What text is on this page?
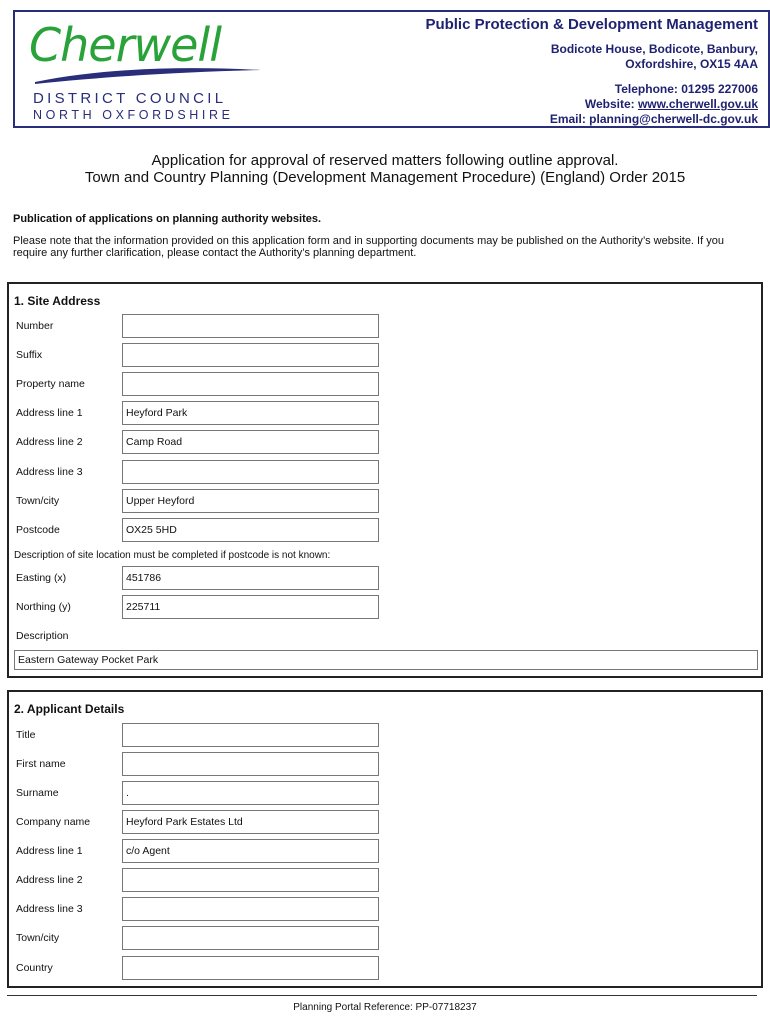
Cherwell
DISTRICT COUNCIL
NORTH OXFORDSHIRE
Public Protection & Development Management
Bodicote House, Bodicote, Banbury,
Oxfordshire, OX15 4AA
Telephone: 01295 227006
Website: www.cherwell.gov.uk
Email: planning@cherwell-dc.gov.uk
Application for approval of reserved matters following outline approval.
Town and Country Planning (Development Management Procedure) (England) Order 2015
Publication of applications on planning authority websites.
Please note that the information provided on this application form and in supporting documents may be published on the Authority’s website. If you require any further clarification, please contact the Authority’s planning department.
1. Site Address
Number
Suffix
Property name
Address line 1	Heyford Park
Address line 2	Camp Road
Address line 3
Town/city	Upper Heyford
Postcode	OX25 5HD
Description of site location must be completed if postcode is not known:
Easting (x)	451786
Northing (y)	225711
Description
Eastern Gateway Pocket Park
2. Applicant Details
Title
First name
Surname	.
Company name	Heyford Park Estates Ltd
Address line 1	c/o Agent
Address line 2
Address line 3
Town/city
Country
Planning Portal Reference: PP-07718237
